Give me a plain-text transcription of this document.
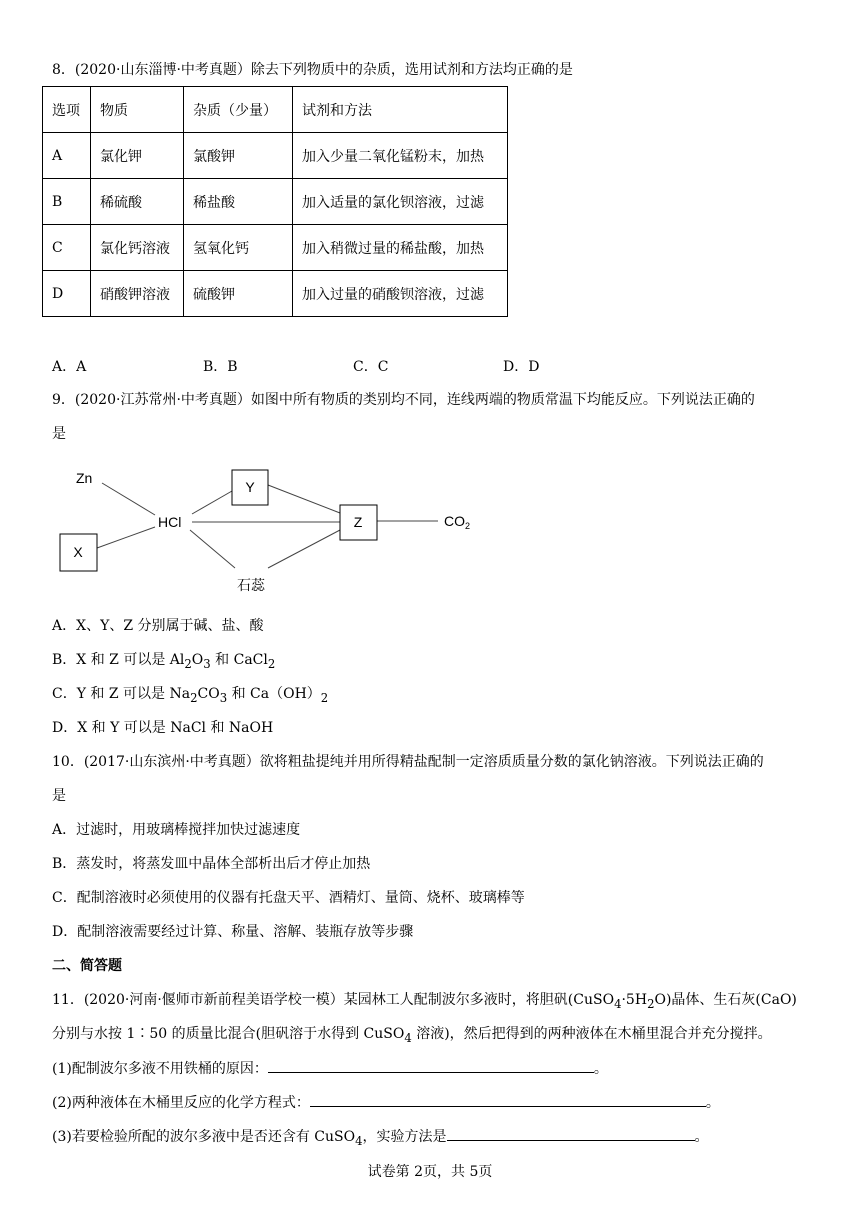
8．(2020·山东淄博·中考真题）除去下列物质中的杂质，选用试剂和方法均正确的是
选项	物质	杂质（少量）	试剂和方法
A	氯化钾	氯酸钾	加入少量二氧化锰粉末，加热
B	稀硫酸	稀盐酸	加入适量的氯化钡溶液，过滤
C	氯化钙溶液	氢氧化钙	加入稍微过量的稀盐酸，加热
D	硝酸钾溶液	硫酸钾	加入过量的硝酸钡溶液，过滤
A．A	B．B	C．C	D．D
9．(2020·江苏常州·中考真题）如图中所有物质的类别均不同，连线两端的物质常温下均能反应。下列说法正确的
是
Zn
HCl
Y
Z
X
$CO_2$
石蕊
A．X、Y、Z 分别属于碱、盐、酸
B．X 和 Z 可以是 $Al_2O_3$ 和 CaCl$_2$
C．Y 和 Z 可以是 $Na_2CO_3$ 和 $Ca(OH)_2$
D．X 和 Y 可以是 NaCl 和 NaOH
10．(2017·山东滨州·中考真题）欲将粗盐提纯并用所得精盐配制一定溶质质量分数的氯化钠溶液。下列说法正确的
是
A．过滤时，用玻璃棒搅拌加快过滤速度
B．蒸发时，将蒸发皿中晶体全部析出后才停止加热
C．配制溶液时必须使用的仪器有托盘天平、酒精灯、量筒、烧杯、玻璃棒等
D．配制溶液需要经过计算、称量、溶解、装瓶存放等步骤
二、简答题
11．(2020·河南·偃师市新前程美语学校一模）某园林工人配制波尔多液时，将胆矾$(CuSO_4\cdot 5H_2O)$晶体、生石灰(CaO)
分别与水按 1∶50 的质量比混合(胆矾溶于水得到 CuSO$_4$ 溶液)，然后把得到的两种液体在木桶里混合并充分搅拌。
(1)配制波尔多液不用铁桶的原因：	。
(2)两种液体在木桶里反应的化学方程式：	。
(3)若要检验所配的波尔多液中是否还含有 CuSO$_4$，实验方法是	。
试卷第 2页，共 5页
